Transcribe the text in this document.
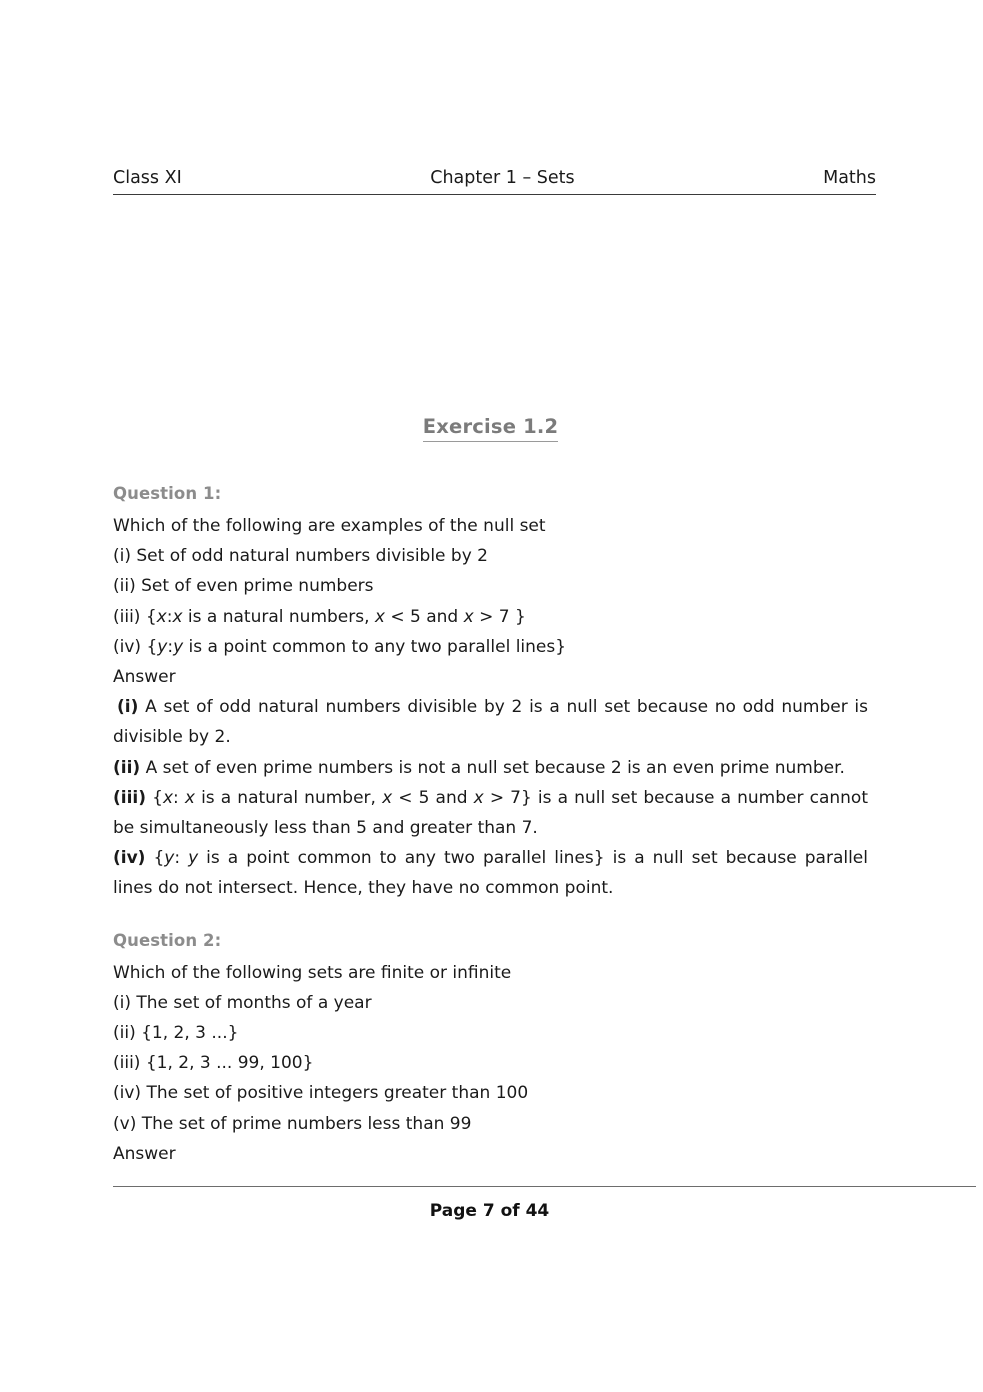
Class XI	Chapter 1 – Sets	Maths
Exercise 1.2
Question 1:

Which of the following are examples of the null set

(i) Set of odd natural numbers divisible by 2

(ii) Set of even prime numbers

(iii) {x:x is a natural numbers, x < 5 and x > 7 }

(iv) {y:y is a point common to any two parallel lines}

Answer

(i) A set of odd natural numbers divisible by 2 is a null set because no odd number is divisible by 2.

(ii) A set of even prime numbers is not a null set because 2 is an even prime number.

(iii) {x: x is a natural number, x < 5 and x > 7} is a null set because a number cannot be simultaneously less than 5 and greater than 7.

(iv) {y: y is a point common to any two parallel lines} is a null set because parallel lines do not intersect. Hence, they have no common point.

Question 2:

Which of the following sets are finite or infinite

(i) The set of months of a year

(ii) {1, 2, 3 ...}

(iii) {1, 2, 3 ... 99, 100}

(iv) The set of positive integers greater than 100

(v) The set of prime numbers less than 99

Answer

Page 7 of 44
